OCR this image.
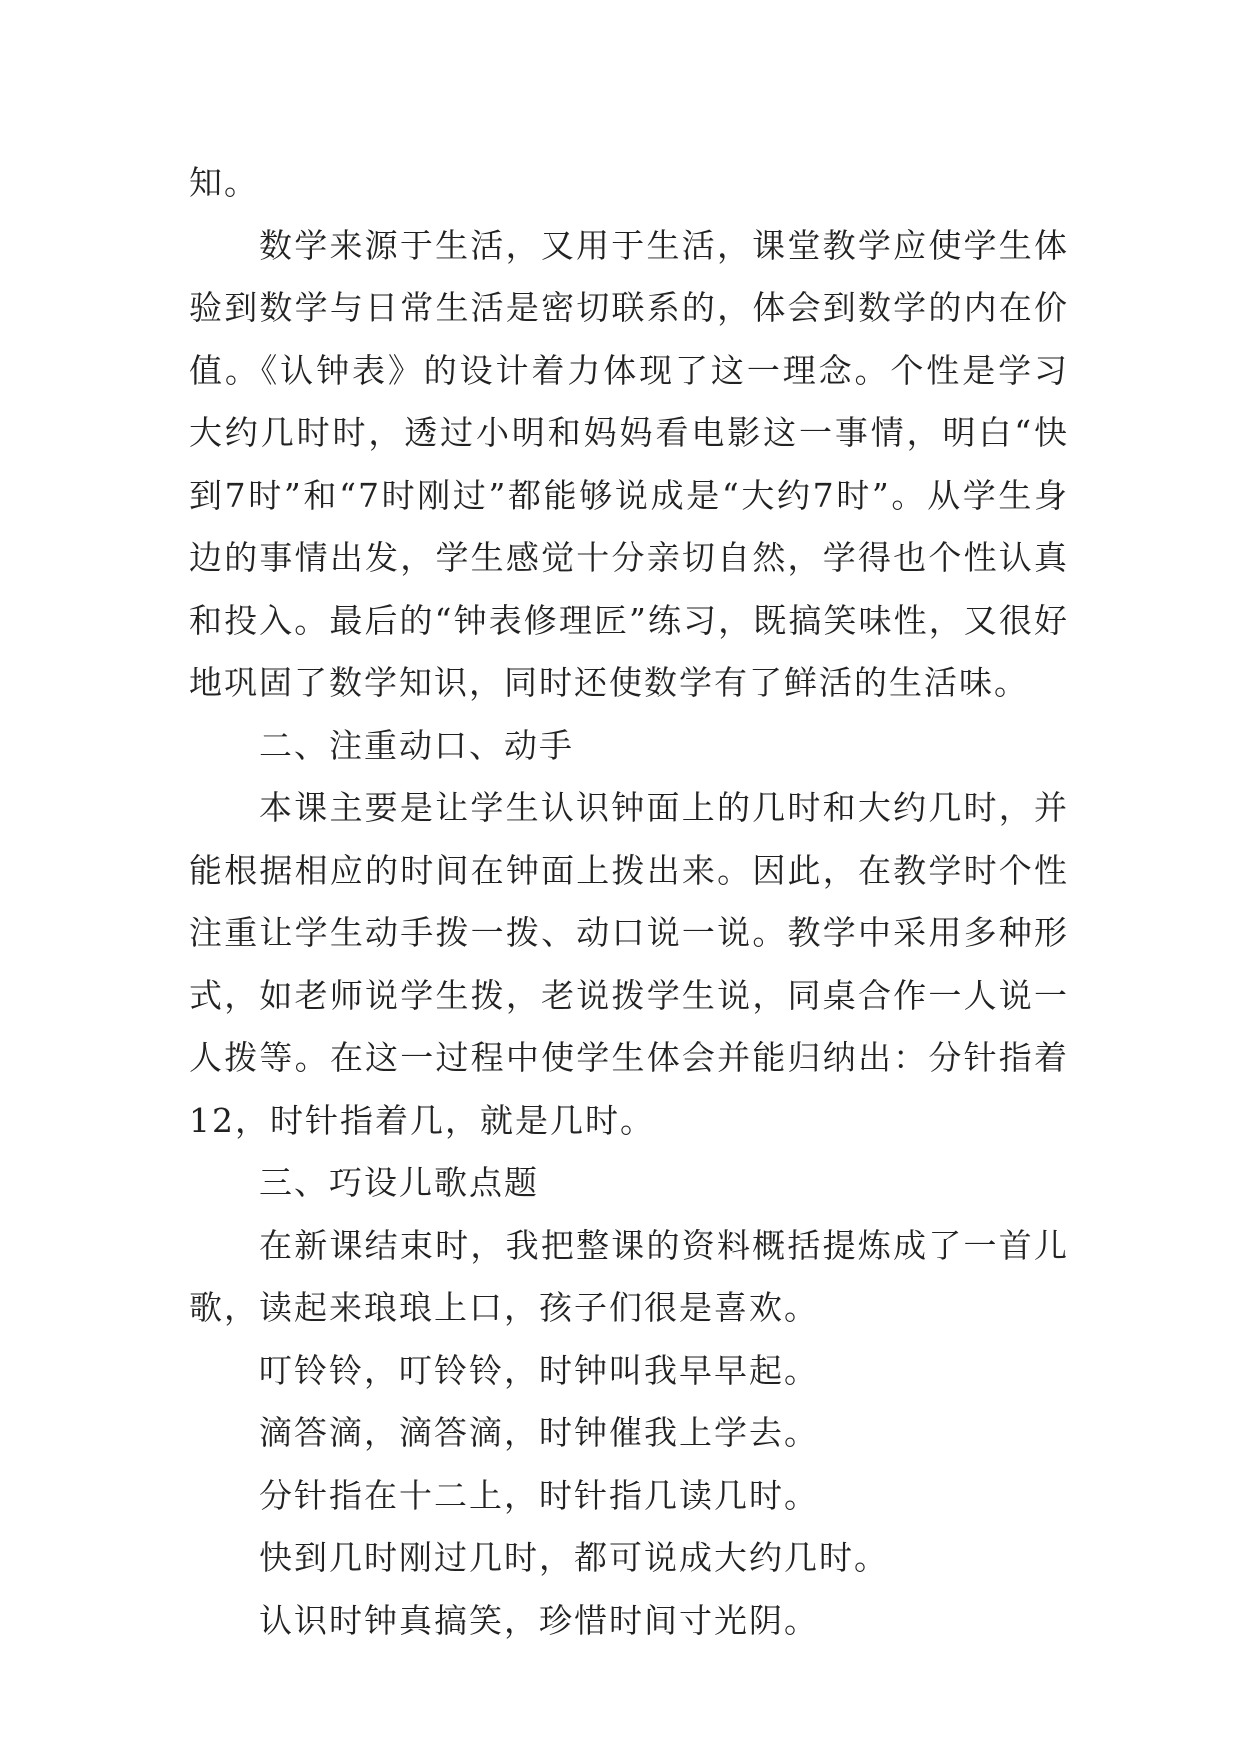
知。

数学来源于生活，又用于生活，课堂教学应使学生体验到数学与日常生活是密切联系的，体会到数学的内在价值。《认钟表》的设计着力体现了这一理念。个性是学习大约几时时，透过小明和妈妈看电影这一事情，明白“快到7时”和“7时刚过”都能够说成是“大约7时”。从学生身边的事情出发，学生感觉十分亲切自然，学得也个性认真和投入。最后的“钟表修理匠”练习，既搞笑味性，又很好地巩固了数学知识，同时还使数学有了鲜活的生活味。

二、注重动口、动手

本课主要是让学生认识钟面上的几时和大约几时，并能根据相应的时间在钟面上拨出来。因此，在教学时个性注重让学生动手拨一拨、动口说一说。教学中采用多种形式，如老师说学生拨，老说拨学生说，同桌合作一人说一人拨等。在这一过程中使学生体会并能归纳出：分针指着12，时针指着几，就是几时。

三、巧设儿歌点题

在新课结束时，我把整课的资料概括提炼成了一首儿歌，读起来琅琅上口，孩子们很是喜欢。

叮铃铃，叮铃铃，时钟叫我早早起。

滴答滴，滴答滴，时钟催我上学去。

分针指在十二上，时针指几读几时。

快到几时刚过几时，都可说成大约几时。

认识时钟真搞笑，珍惜时间寸光阴。
